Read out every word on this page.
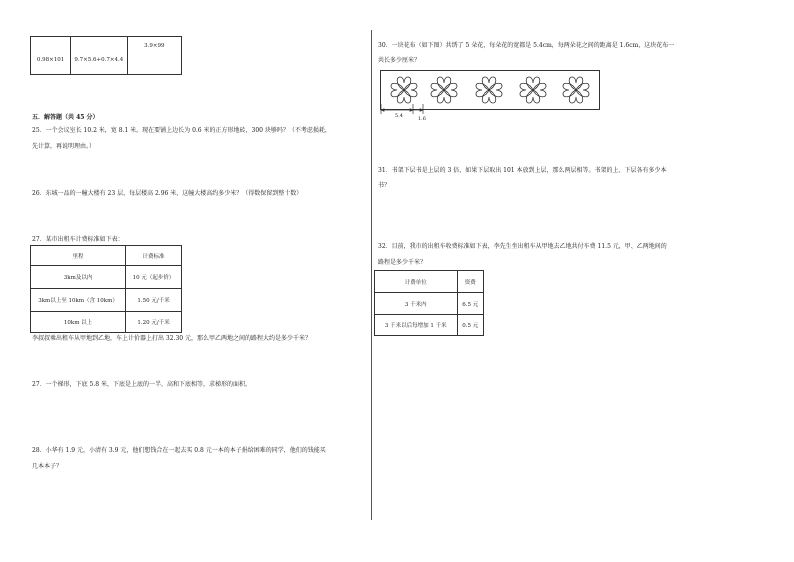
0.98×101	9.7×5.6+0.7×4.4	3.9×99
五．解答题（共 45 分）
25．一个会议室长 10.2 米，宽 8.1 米。现在要铺上边长为 0.6 米的正方形地砖，300 块够吗？（不考虑损耗，
先计算，再说明理由。）
26．东城一品的一幢大楼有 23 层，每层楼高 2.96 米，这幢大楼高约多少米？（得数保留到整十数）
27．某市出租车计费标准如下表：
里程	计费标准
3km及以内	10 元（起步价）
3km以上至 10km（含 10km）	1.50 元/千米
10km 以上	1.20 元/千米
李叔叔乘出租车从甲地到乙地，车上计价器上打出 32.30 元，那么甲乙两地之间的路程大约是多少千米？
27．一个梯形，下底 5.8 米，下底是上底的一半，高和下底相等，求梯形的面积。
28．小华有 1.9 元，小清有 3.9 元，他们想钱合在一起去买 0.8 元一本的本子捐给困难的同学，他们的钱能买
几本本子？
30．一块花布（如下图）共绣了 5 朵花，每朵花的宽都是 5.4cm，每两朵花之间的距离是 1.6cm，这块花布一
共长多少厘米？
5.4	1.6
31．书架下层书是上层的 3 倍，如果下层取出 101 本放到上层，那么两层相等。书架的上、下层各有多少本
书？
32．目前，我市的出租车收费标准如下表，李先生坐出租车从甲地去乙地共付车费 11.5 元，甲、乙两地间的
路程是多少千米？
计费单位	资费
3 千米内	6.5 元
3 千米以后每增加 1 千米	0.5 元
